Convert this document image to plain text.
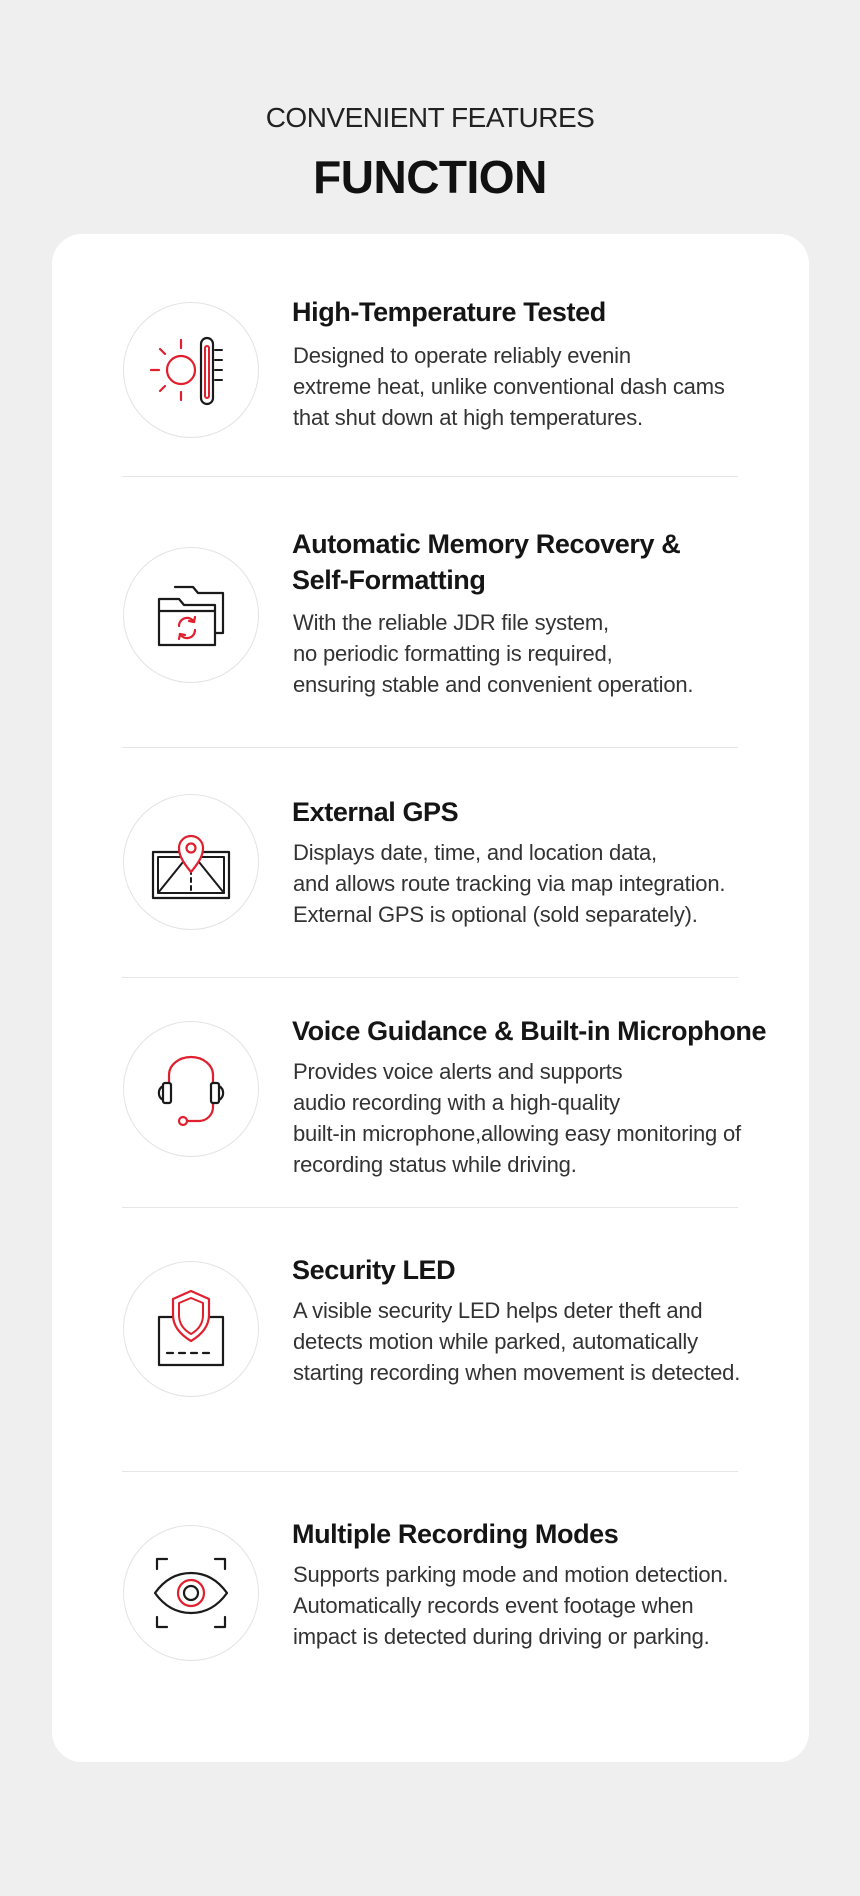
CONVENIENT FEATURES
FUNCTION
High-Temperature Tested
Designed to operate reliably evenin
extreme heat, unlike conventional dash cams
that shut down at high temperatures.
Automatic Memory Recovery &
Self-Formatting
With the reliable JDR file system,
no periodic formatting is required,
ensuring stable and convenient operation.
External GPS
Displays date, time, and location data,
and allows route tracking via map integration.
External GPS is optional (sold separately).
Voice Guidance & Built-in Microphone
Provides voice alerts and supports
audio recording with a high-quality
built-in microphone,allowing easy monitoring of
recording status while driving.
Security LED
A visible security LED helps deter theft and
detects motion while parked, automatically
starting recording when movement is detected.
Multiple Recording Modes
Supports parking mode and motion detection.
Automatically records event footage when
impact is detected during driving or parking.
